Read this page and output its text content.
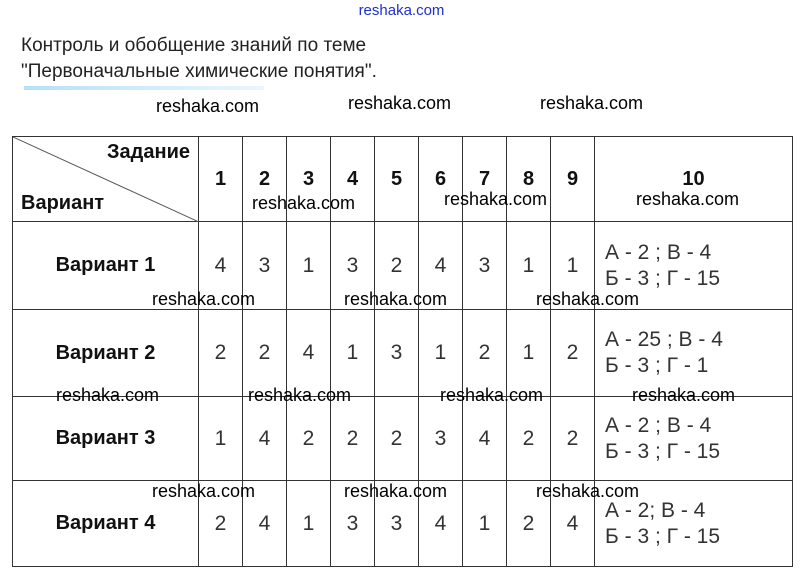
reshaka.com
Контроль и обобщение знаний по теме
"Первоначальные химические понятия".
Задание
Вариант	1	2	3	4	5	6	7	8	9	10
Вариант 1	4	3	1	3	2	4	3	1	1	А - 2 ; В - 4
Б - 3 ; Г - 15

Вариант 2	2	2	4	1	3	1	2	1	2	А - 25 ; В - 4
Б - 3 ; Г - 1

Вариант 3	1	4	2	2	2	3	4	2	2	А - 2 ; В - 4
Б - 3 ; Г - 15

Вариант 4	2	4	1	3	3	4	1	2	4	А - 2; В - 4
Б - 3 ; Г - 15
reshaka.com	reshaka.com	reshaka.com
reshaka.com	reshaka.com	reshaka.com
reshaka.com	reshaka.com	reshaka.com
reshaka.com	reshaka.com	reshaka.com	reshaka.com
reshaka.com	reshaka.com	reshaka.com
